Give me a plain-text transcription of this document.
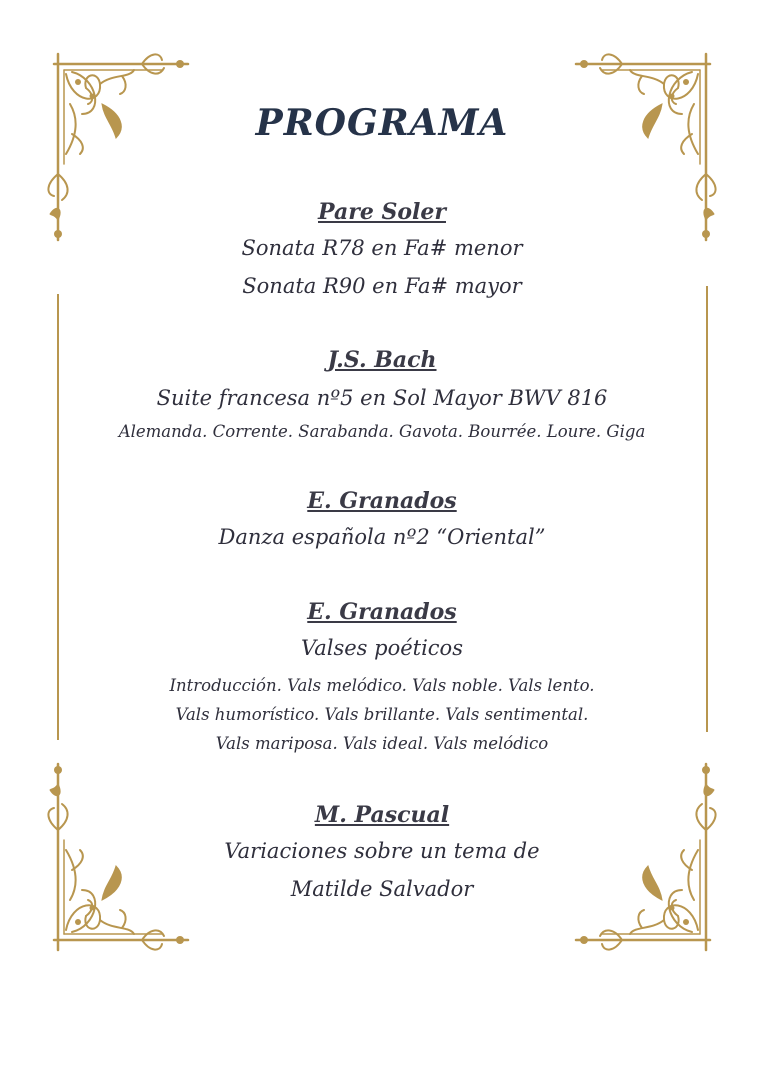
PROGRAMA
Pare Soler
Sonata R78 en Fa# menor
Sonata R90 en Fa# mayor
J.S. Bach
Suite francesa nº5 en Sol Mayor BWV 816
Alemanda. Corrente. Sarabanda. Gavota. Bourrée. Loure. Giga
E. Granados
Danza española nº2 “Oriental”
E. Granados
Valses poéticos
Introducción. Vals melódico. Vals noble. Vals lento.
Vals humorístico. Vals brillante. Vals sentimental.
Vals mariposa. Vals ideal. Vals melódico
M. Pascual
Variaciones sobre un tema de
Matilde Salvador
